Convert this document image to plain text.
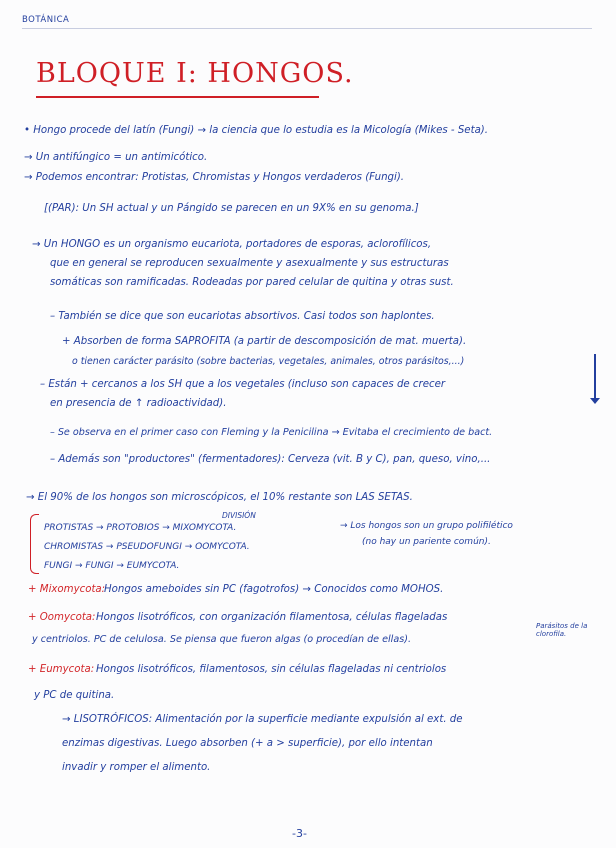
BOTÁNICA
BLOQUE I: HONGOS.
• Hongo procede del latín (Fungi) → la ciencia que lo estudia es la Micología (Mikes - Seta).
→ Un antifúngico = un antimicótico.
→ Podemos encontrar: Protistas, Chromistas y Hongos verdaderos (Fungi).
[(PAR): Un SH actual y un Pángido se parecen en un 9X% en su genoma.]
→ Un HONGO es un organismo eucariota, portadores de esporas, aclorofílicos,
que en general se reproducen sexualmente y asexualmente y sus estructuras
somáticas son ramificadas. Rodeadas por pared celular de quitina y otras sust.
– También se dice que son eucariotas absortivos. Casi todos son haplontes.
+ Absorben de forma SAPROFITA (a partir de descomposición de mat. muerta).
o tienen carácter parásito (sobre bacterias, vegetales, animales, otros parásitos,...)
– Están + cercanos a los SH que a los vegetales (incluso son capaces de crecer
en presencia de ↑ radioactividad).
– Se observa en el primer caso con Fleming y la Penicilina → Evitaba el crecimiento de bact.
– Además son "productores" (fermentadores): Cerveza (vit. B y C), pan, queso, vino,...
→ El 90% de los hongos son microscópicos, el 10% restante son LAS SETAS.
DIVISIÓN
PROTISTAS → PROTOBIOS → MIXOMYCOTA.
CHROMISTAS → PSEUDOFUNGI → OOMYCOTA.
FUNGI → FUNGI → EUMYCOTA.
→ Los hongos son un grupo polifilético
(no hay un pariente común).
+ Mixomycota:
Hongos ameboides sin PC (fagotrofos) → Conocidos como MOHOS.
+ Oomycota: Hongos lisotróficos, con organización filamentosa, células flageladas
Parásitos de la clorofila.
y centriolos. PC de celulosa. Se piensa que fueron algas (o procedían de ellas).
+ Eumycota: Hongos lisotróficos, filamentosos, sin células flageladas ni centriolos
y PC de quitina.
→ LISOTRÓFICOS: Alimentación por la superficie mediante expulsión al ext. de
enzimas digestivas. Luego absorben (+ a > superficie), por ello intentan
invadir y romper el alimento.
-3-
